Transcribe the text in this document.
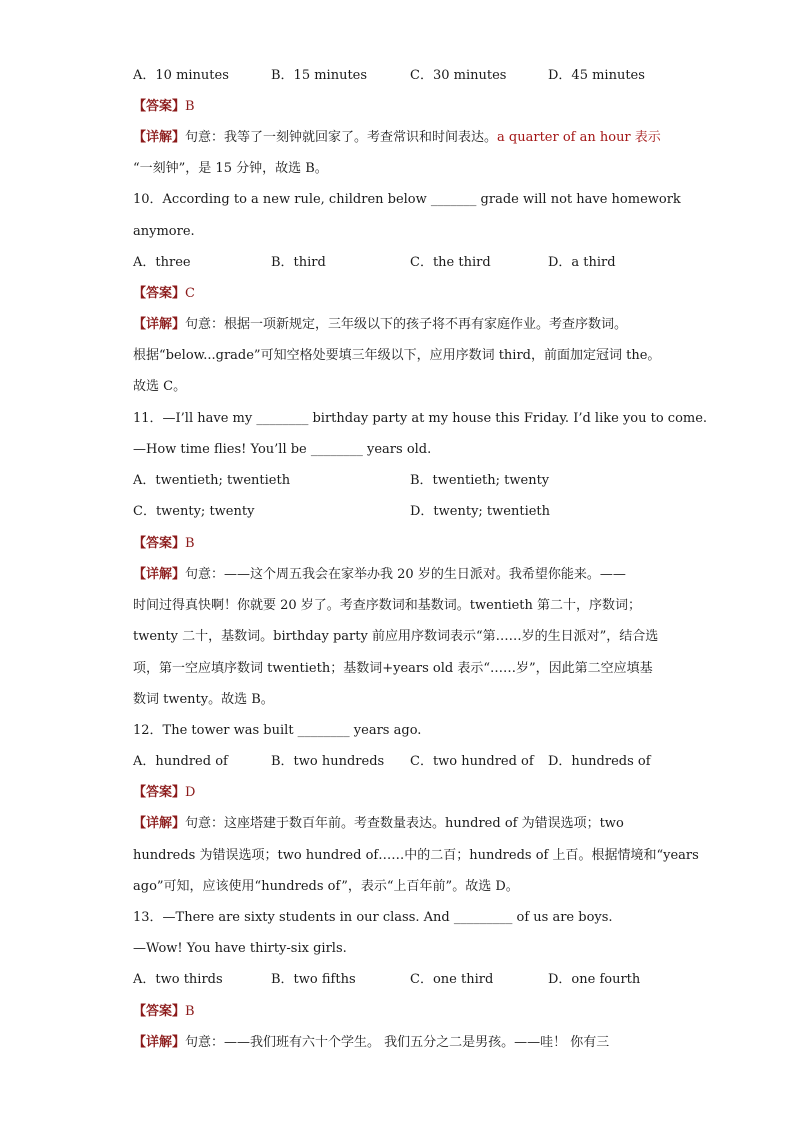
A．10 minutes	B．15 minutes	C．30 minutes	D．45 minutes
【答案】B
【详解】句意：我等了一刻钟就回家了。考查常识和时间表达。a quarter of an hour 表示
“一刻钟”，是 15 分钟，故选 B。
10．According to a new rule, children below _______ grade will not have homework
anymore.
A．three	B．third	C．the third	D．a third
【答案】C
【详解】句意：根据一项新规定，三年级以下的孩子将不再有家庭作业。考查序数词。
根据“below...grade”可知空格处要填三年级以下，应用序数词 third，前面加定冠词 the。
故选 C。
11．—I’ll have my ________ birthday party at my house this Friday. I’d like you to come.
—How time flies! You’ll be ________ years old.
A．twentieth; twentieth	B．twentieth; twenty
C．twenty; twenty	D．twenty; twentieth
【答案】B
【详解】句意：——这个周五我会在家举办我 20 岁的生日派对。我希望你能来。——
时间过得真快啊！你就要 20 岁了。考查序数词和基数词。twentieth 第二十，序数词；
twenty 二十，基数词。birthday party 前应用序数词表示“第……岁的生日派对”，结合选
项，第一空应填序数词 twentieth；基数词+years old 表示“……岁”，因此第二空应填基
数词 twenty。故选 B。
12．The tower was built ________ years ago.
A．hundred of	B．two hundreds C．two hundred of D．hundreds of
【答案】D
【详解】句意：这座塔建于数百年前。考查数量表达。hundred of 为错误选项；two
hundreds 为错误选项；two hundred of……中的二百；hundreds of 上百。根据情境和“years
ago”可知，应该使用“hundreds of”，表示“上百年前”。故选 D。
13．—There are sixty students in our class. And _________ of us are boys.
—Wow! You have thirty-six girls.
A．two thirds	B．two fifths	C．one third	D．one fourth
【答案】B
【详解】句意：——我们班有六十个学生。 我们五分之二是男孩。——哇！ 你有三
